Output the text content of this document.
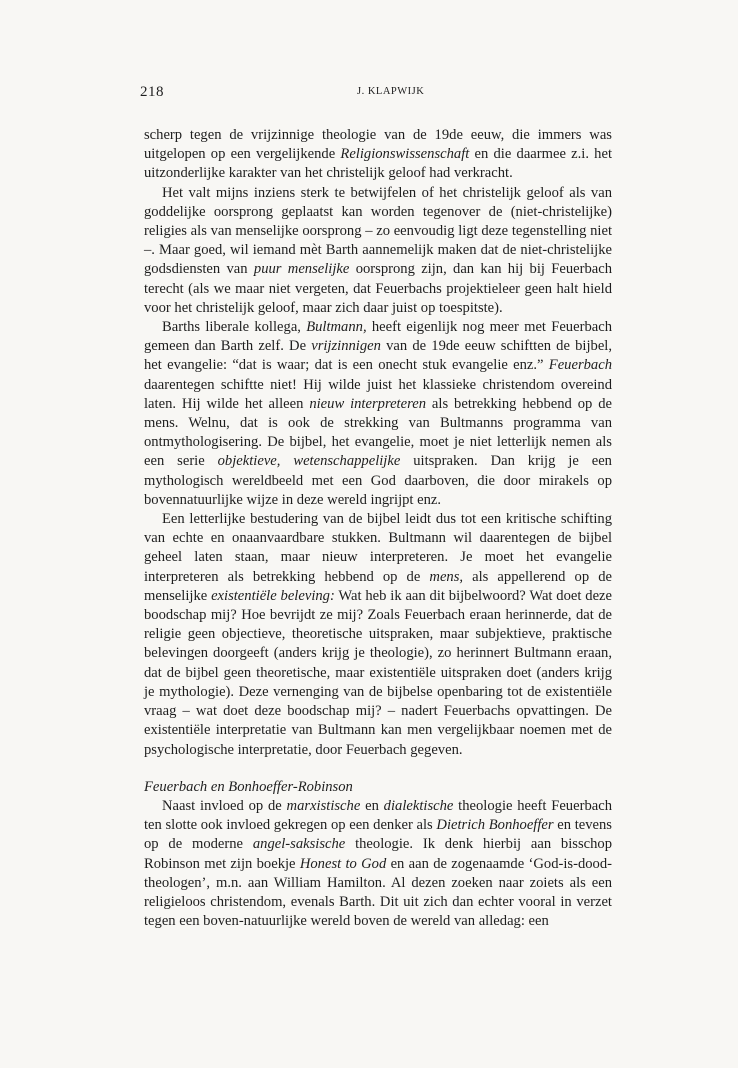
218	J. KLAPWIJK

scherp tegen de vrijzinnige theologie van de 19de eeuw, die immers was uitgelopen op een vergelijkende Religionswissenschaft en die daarmee z.i. het uitzonderlijke karakter van het christelijk geloof had verkracht.

Het valt mijns inziens sterk te betwijfelen of het christelijk geloof als van goddelijke oorsprong geplaatst kan worden tegenover de (niet-christelijke) religies als van menselijke oorsprong – zo eenvoudig ligt deze tegenstelling niet –. Maar goed, wil iemand mèt Barth aannemelijk maken dat de niet-christelijke godsdiensten van puur menselijke oorsprong zijn, dan kan hij bij Feuerbach terecht (als we maar niet vergeten, dat Feuerbachs projektieleer geen halt hield voor het christelijk geloof, maar zich daar juist op toespitste).

Barths liberale kollega, Bultmann, heeft eigenlijk nog meer met Feuerbach gemeen dan Barth zelf. De vrijzinnigen van de 19de eeuw schiftten de bijbel, het evangelie: “dat is waar; dat is een onecht stuk evangelie enz.” Feuerbach daarentegen schiftte niet! Hij wilde juist het klassieke christendom overeind laten. Hij wilde het alleen nieuw interpreteren als betrekking hebbend op de mens. Welnu, dat is ook de strekking van Bultmanns programma van ontmythologisering. De bijbel, het evangelie, moet je niet letterlijk nemen als een serie objektieve, wetenschappelijke uitspraken. Dan krijg je een mythologisch wereldbeeld met een God daarboven, die door mirakels op bovennatuurlijke wijze in deze wereld ingrijpt enz.

Een letterlijke bestudering van de bijbel leidt dus tot een kritische schifting van echte en onaanvaardbare stukken. Bultmann wil daarentegen de bijbel geheel laten staan, maar nieuw interpreteren. Je moet het evangelie interpreteren als betrekking hebbend op de mens, als appellerend op de menselijke existentiële beleving: Wat heb ik aan dit bijbelwoord? Wat doet deze boodschap mij? Hoe bevrijdt ze mij? Zoals Feuerbach eraan herinnerde, dat de religie geen objectieve, theoretische uitspraken, maar subjektieve, praktische belevingen doorgeeft (anders krijg je theologie), zo herinnert Bultmann eraan, dat de bijbel geen theoretische, maar existentiële uitspraken doet (anders krijg je mythologie). Deze vernenging van de bijbelse openbaring tot de existentiële vraag – wat doet deze boodschap mij? – nadert Feuerbachs opvattingen. De existentiële interpretatie van Bultmann kan men vergelijkbaar noemen met de psychologische interpretatie, door Feuerbach gegeven.

Feuerbach en Bonhoeffer-Robinson

Naast invloed op de marxistische en dialektische theologie heeft Feuerbach ten slotte ook invloed gekregen op een denker als Dietrich Bonhoeffer en tevens op de moderne angel-saksische theologie. Ik denk hierbij aan bisschop Robinson met zijn boekje Honest to God en aan de zogenaamde ‘God-is-dood-theologen’, m.n. aan William Hamilton. Al dezen zoeken naar zoiets als een religieloos christendom, evenals Barth. Dit uit zich dan echter vooral in verzet tegen een boven-natuurlijke wereld boven de wereld van alledag: een
